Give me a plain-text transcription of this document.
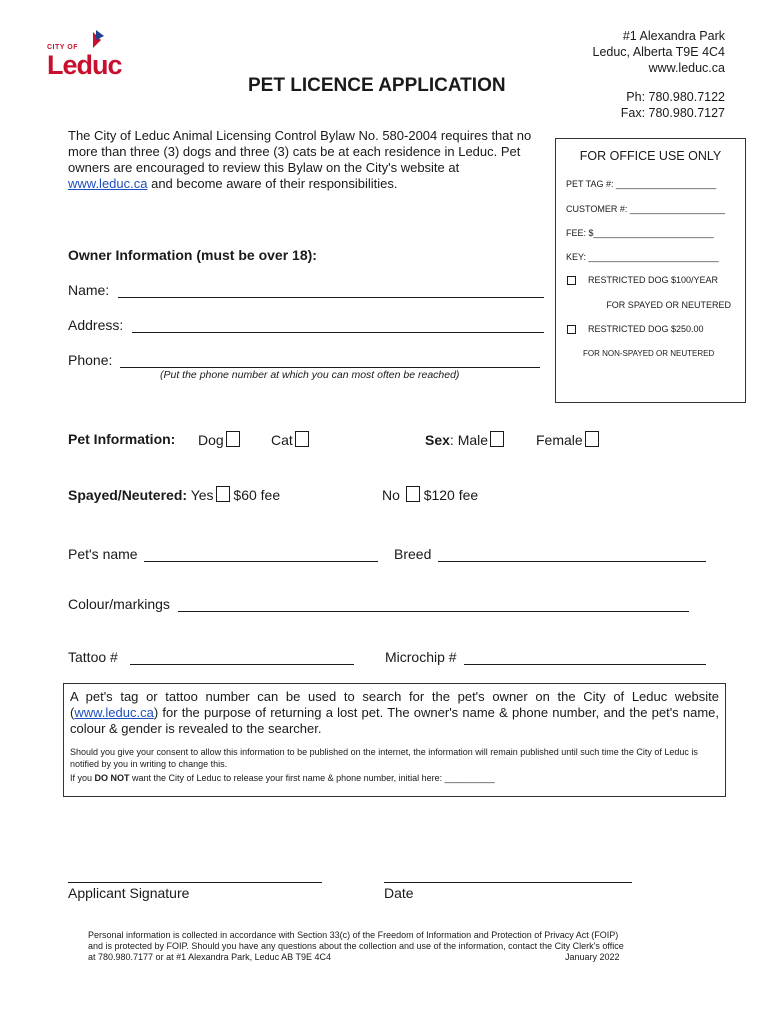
CITY OF
Leduc
#1 Alexandra Park
Leduc, Alberta T9E 4C4
www.leduc.ca
Ph: 780.980.7122
Fax: 780.980.7127
PET LICENCE APPLICATION
The City of Leduc Animal Licensing Control Bylaw No. 580-2004 requires that no more than three (3) dogs and three (3) cats be at each residence in Leduc. Pet owners are encouraged to review this Bylaw on the City's website at www.leduc.ca and become aware of their responsibilities.
FOR OFFICE USE ONLY
PET TAG #: ____________________
CUSTOMER #: ___________________
FEE: $________________________
KEY: __________________________
RESTRICTED DOG $100/YEAR
FOR SPAYED OR NEUTERED
RESTRICTED DOG $250.00
FOR NON-SPAYED OR NEUTERED
Owner Information (must be over 18):
Name:
Address:
Phone:
(Put the phone number at which you can most often be reached)
Pet Information: Dog	Cat	Sex: Male	Female
Spayed/Neutered: Yes $60 fee	No $120 fee
Pet's name	Breed
Colour/markings
Tattoo #	Microchip #
A pet's tag or tattoo number can be used to search for the pet's owner on the City of Leduc website (www.leduc.ca) for the purpose of returning a lost pet. The owner's name & phone number, and the pet's name, colour & gender is revealed to the searcher.
Should you give your consent to allow this information to be published on the internet, the information will remain published until such time the City of Leduc is notified by you in writing to change this.
If you DO NOT want the City of Leduc to release your first name & phone number, initial here: __________
Applicant Signature	Date
Personal information is collected in accordance with Section 33(c) of the Freedom of Information and Protection of Privacy Act (FOIP)
and is protected by FOIP. Should you have any questions about the collection and use of the information, contact the City Clerk's office
at 780.980.7177 or at #1 Alexandra Park, Leduc AB T9E 4C4	January 2022
